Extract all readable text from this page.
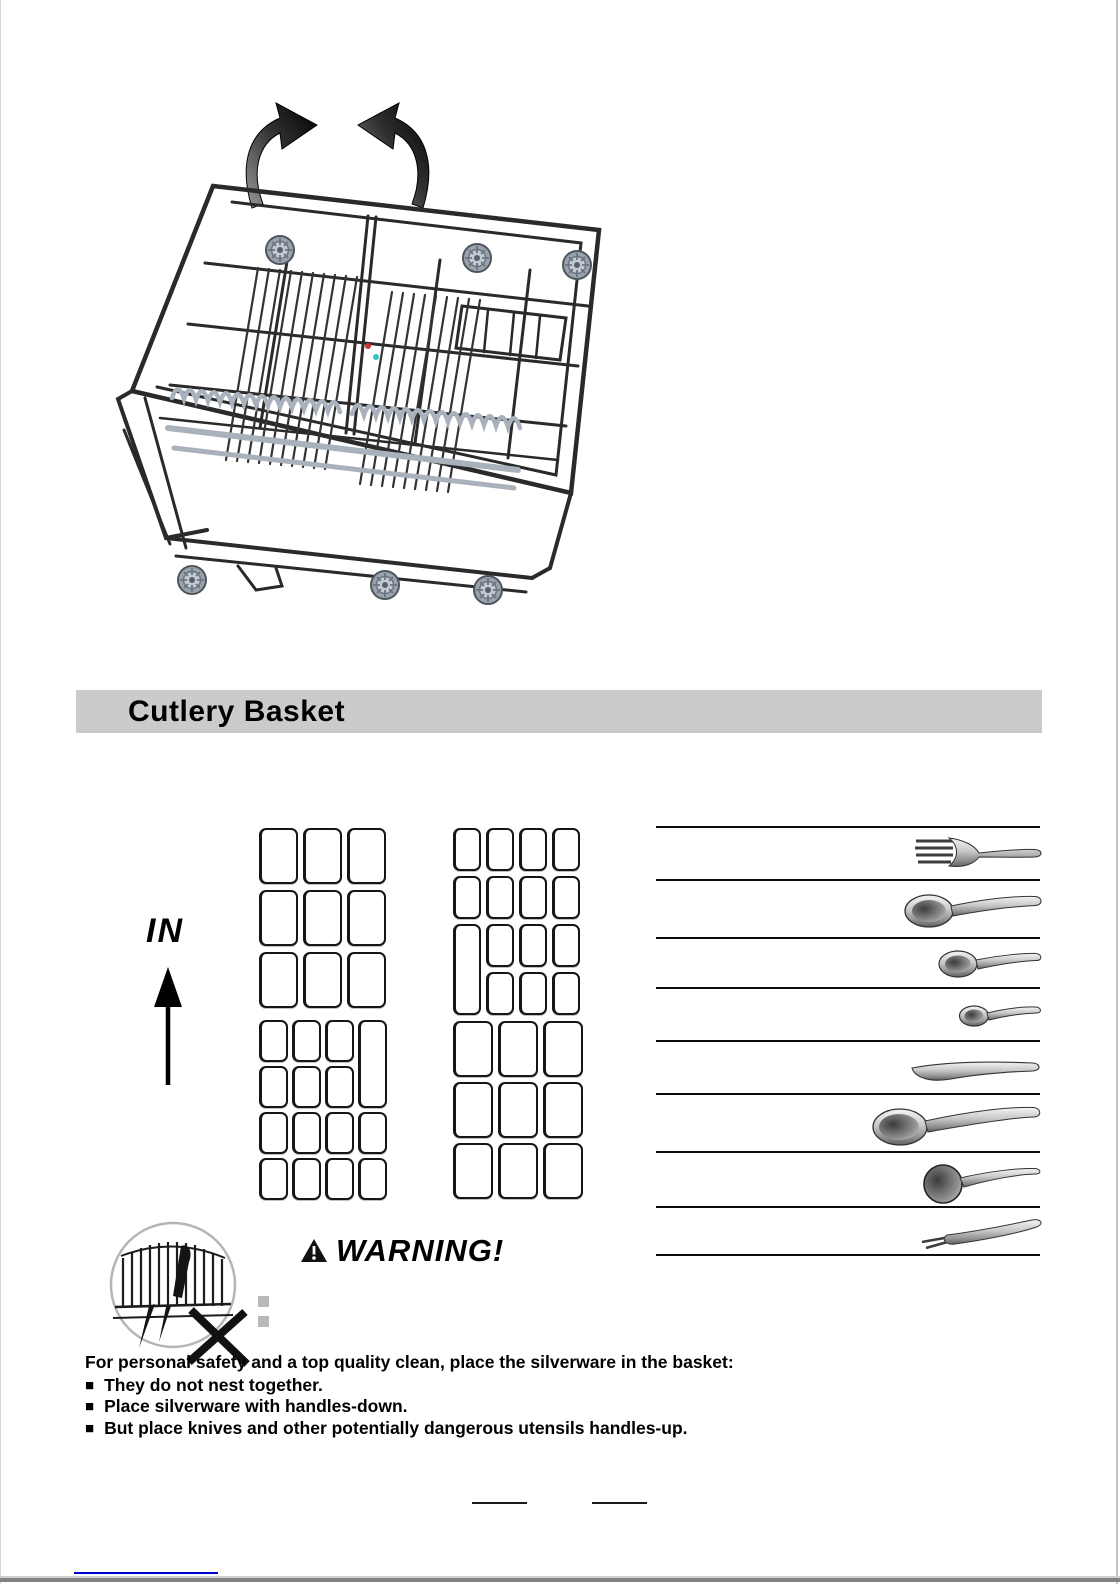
Cutlery Basket
IN
WARNING!

For personal safety and a top quality clean, place the silverware in the basket:

■ They do not nest together.
■ Place silverware with handles-down.
■ But place knives and other potentially dangerous utensils handles-up.
